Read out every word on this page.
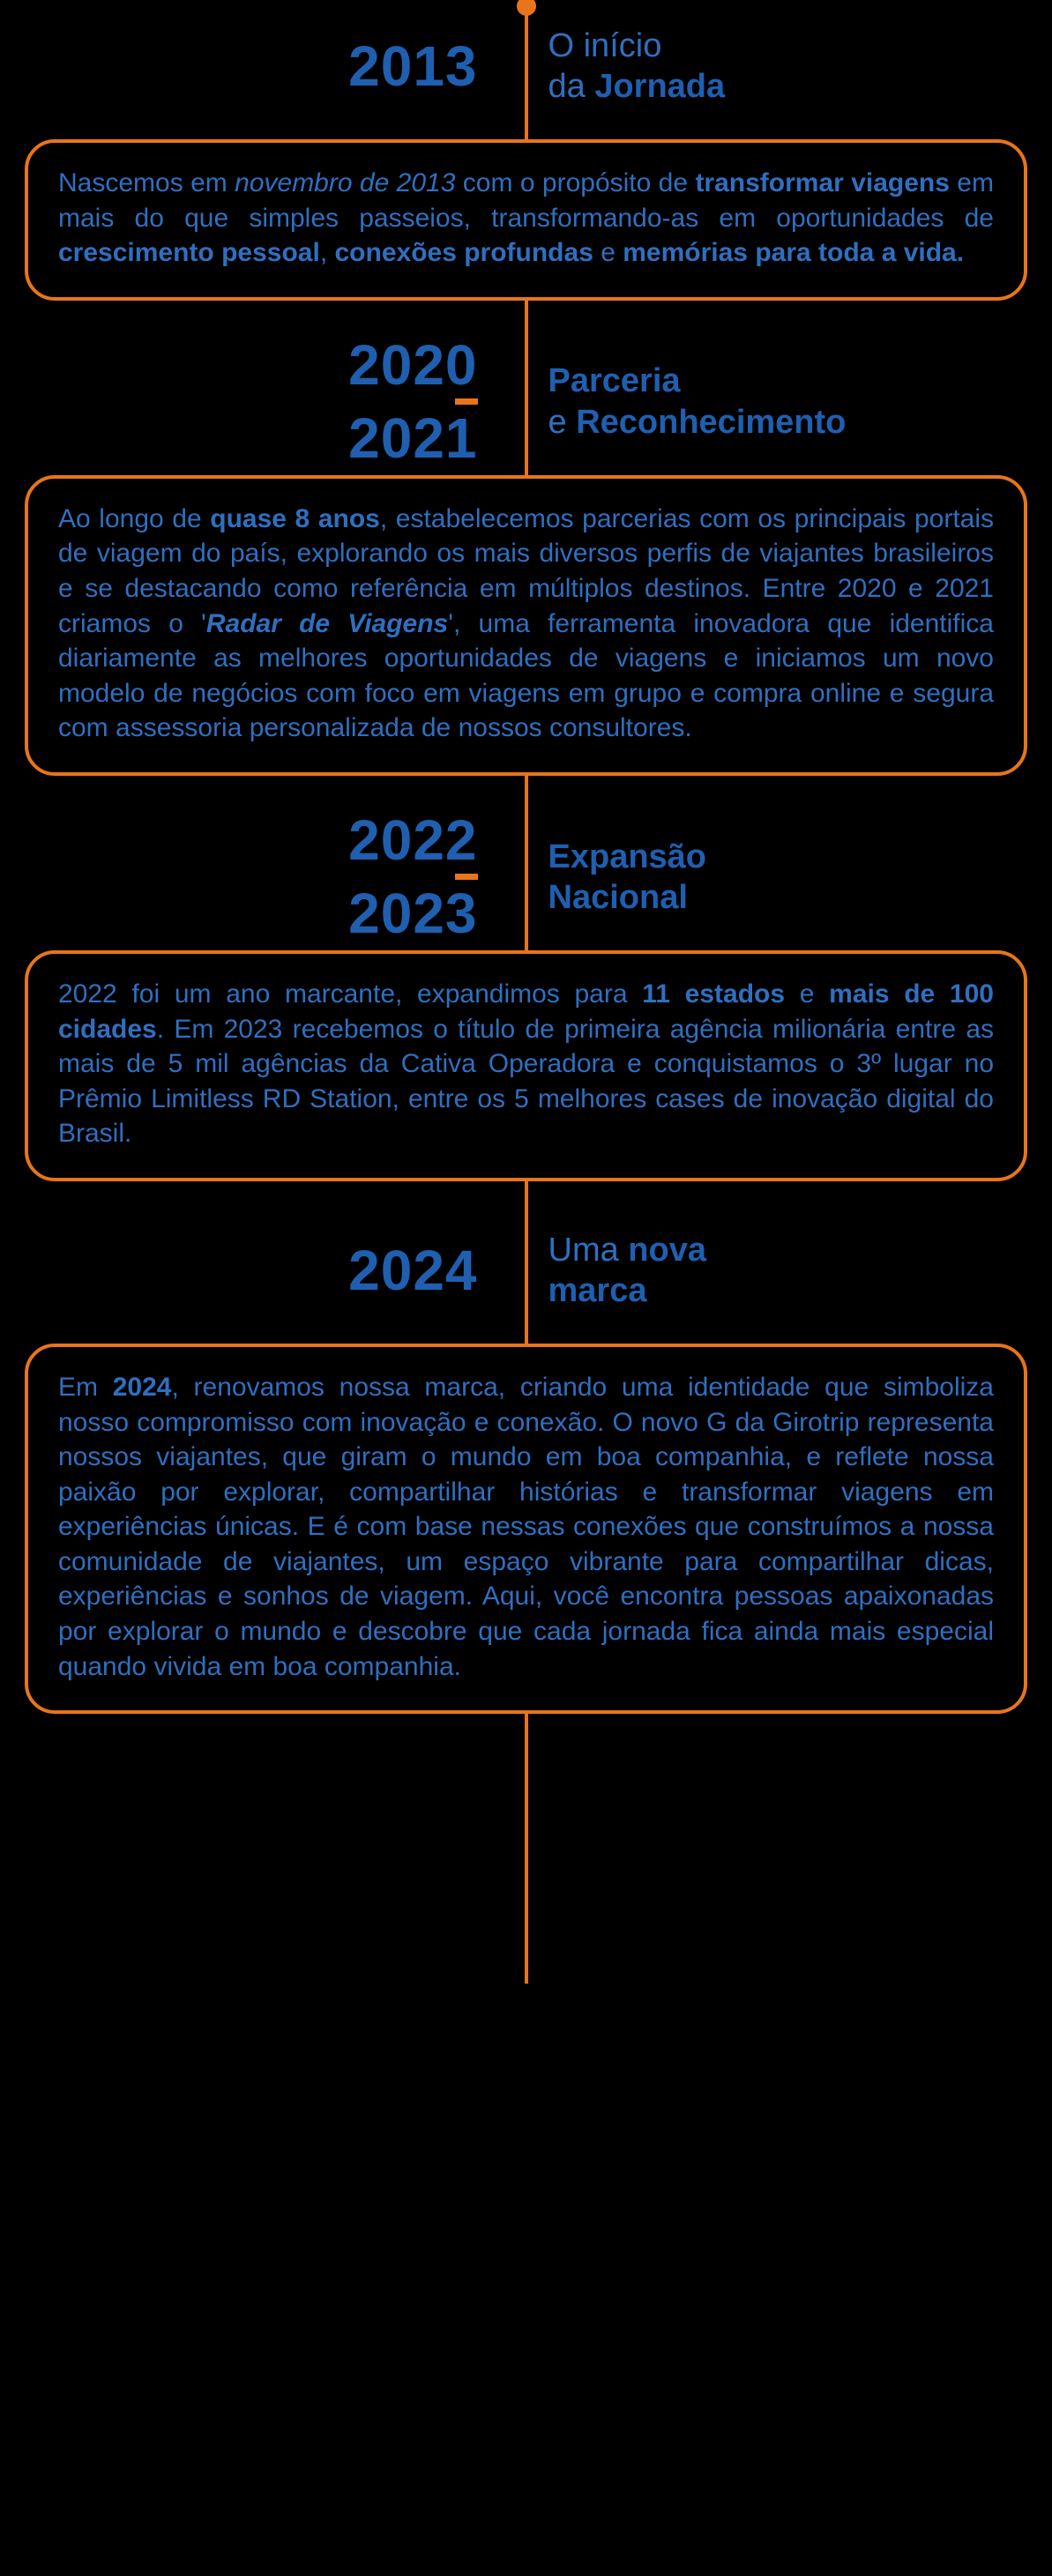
2013 O início
da Jornada

Nascemos em novembro de 2013 com o propósito de transformar viagens em mais do que simples passeios, transformando-as em oportunidades de crescimento pessoal, conexões profundas e memórias para toda a vida.

2020
2021
Parceria
e Reconhecimento

Ao longo de quase 8 anos, estabelecemos parcerias com os principais portais de viagem do país, explorando os mais diversos perfis de viajantes brasileiros e se destacando como referência em múltiplos destinos. Entre 2020 e 2021 criamos o 'Radar de Viagens', uma ferramenta inovadora que identifica diariamente as melhores oportunidades de viagens e iniciamos um novo modelo de negócios com foco em viagens em grupo e compra online e segura com assessoria personalizada de nossos consultores.

2022
2023
Expansão
Nacional

2022 foi um ano marcante, expandimos para 11 estados e mais de 100 cidades. Em 2023 recebemos o título de primeira agência milionária entre as mais de 5 mil agências da Cativa Operadora e conquistamos o 3º lugar no Prêmio Limitless RD Station, entre os 5 melhores cases de inovação digital do Brasil.

2024 Uma nova
marca

Em 2024, renovamos nossa marca, criando uma identidade que simboliza nosso compromisso com inovação e conexão. O novo G da Girotrip representa nossos viajantes, que giram o mundo em boa companhia, e reflete nossa paixão por explorar, compartilhar histórias e transformar viagens em experiências únicas. E é com base nessas conexões que construímos a nossa comunidade de viajantes, um espaço vibrante para compartilhar dicas, experiências e sonhos de viagem. Aqui, você encontra pessoas apaixonadas por explorar o mundo e descobre que cada jornada fica ainda mais especial quando vivida em boa companhia.
